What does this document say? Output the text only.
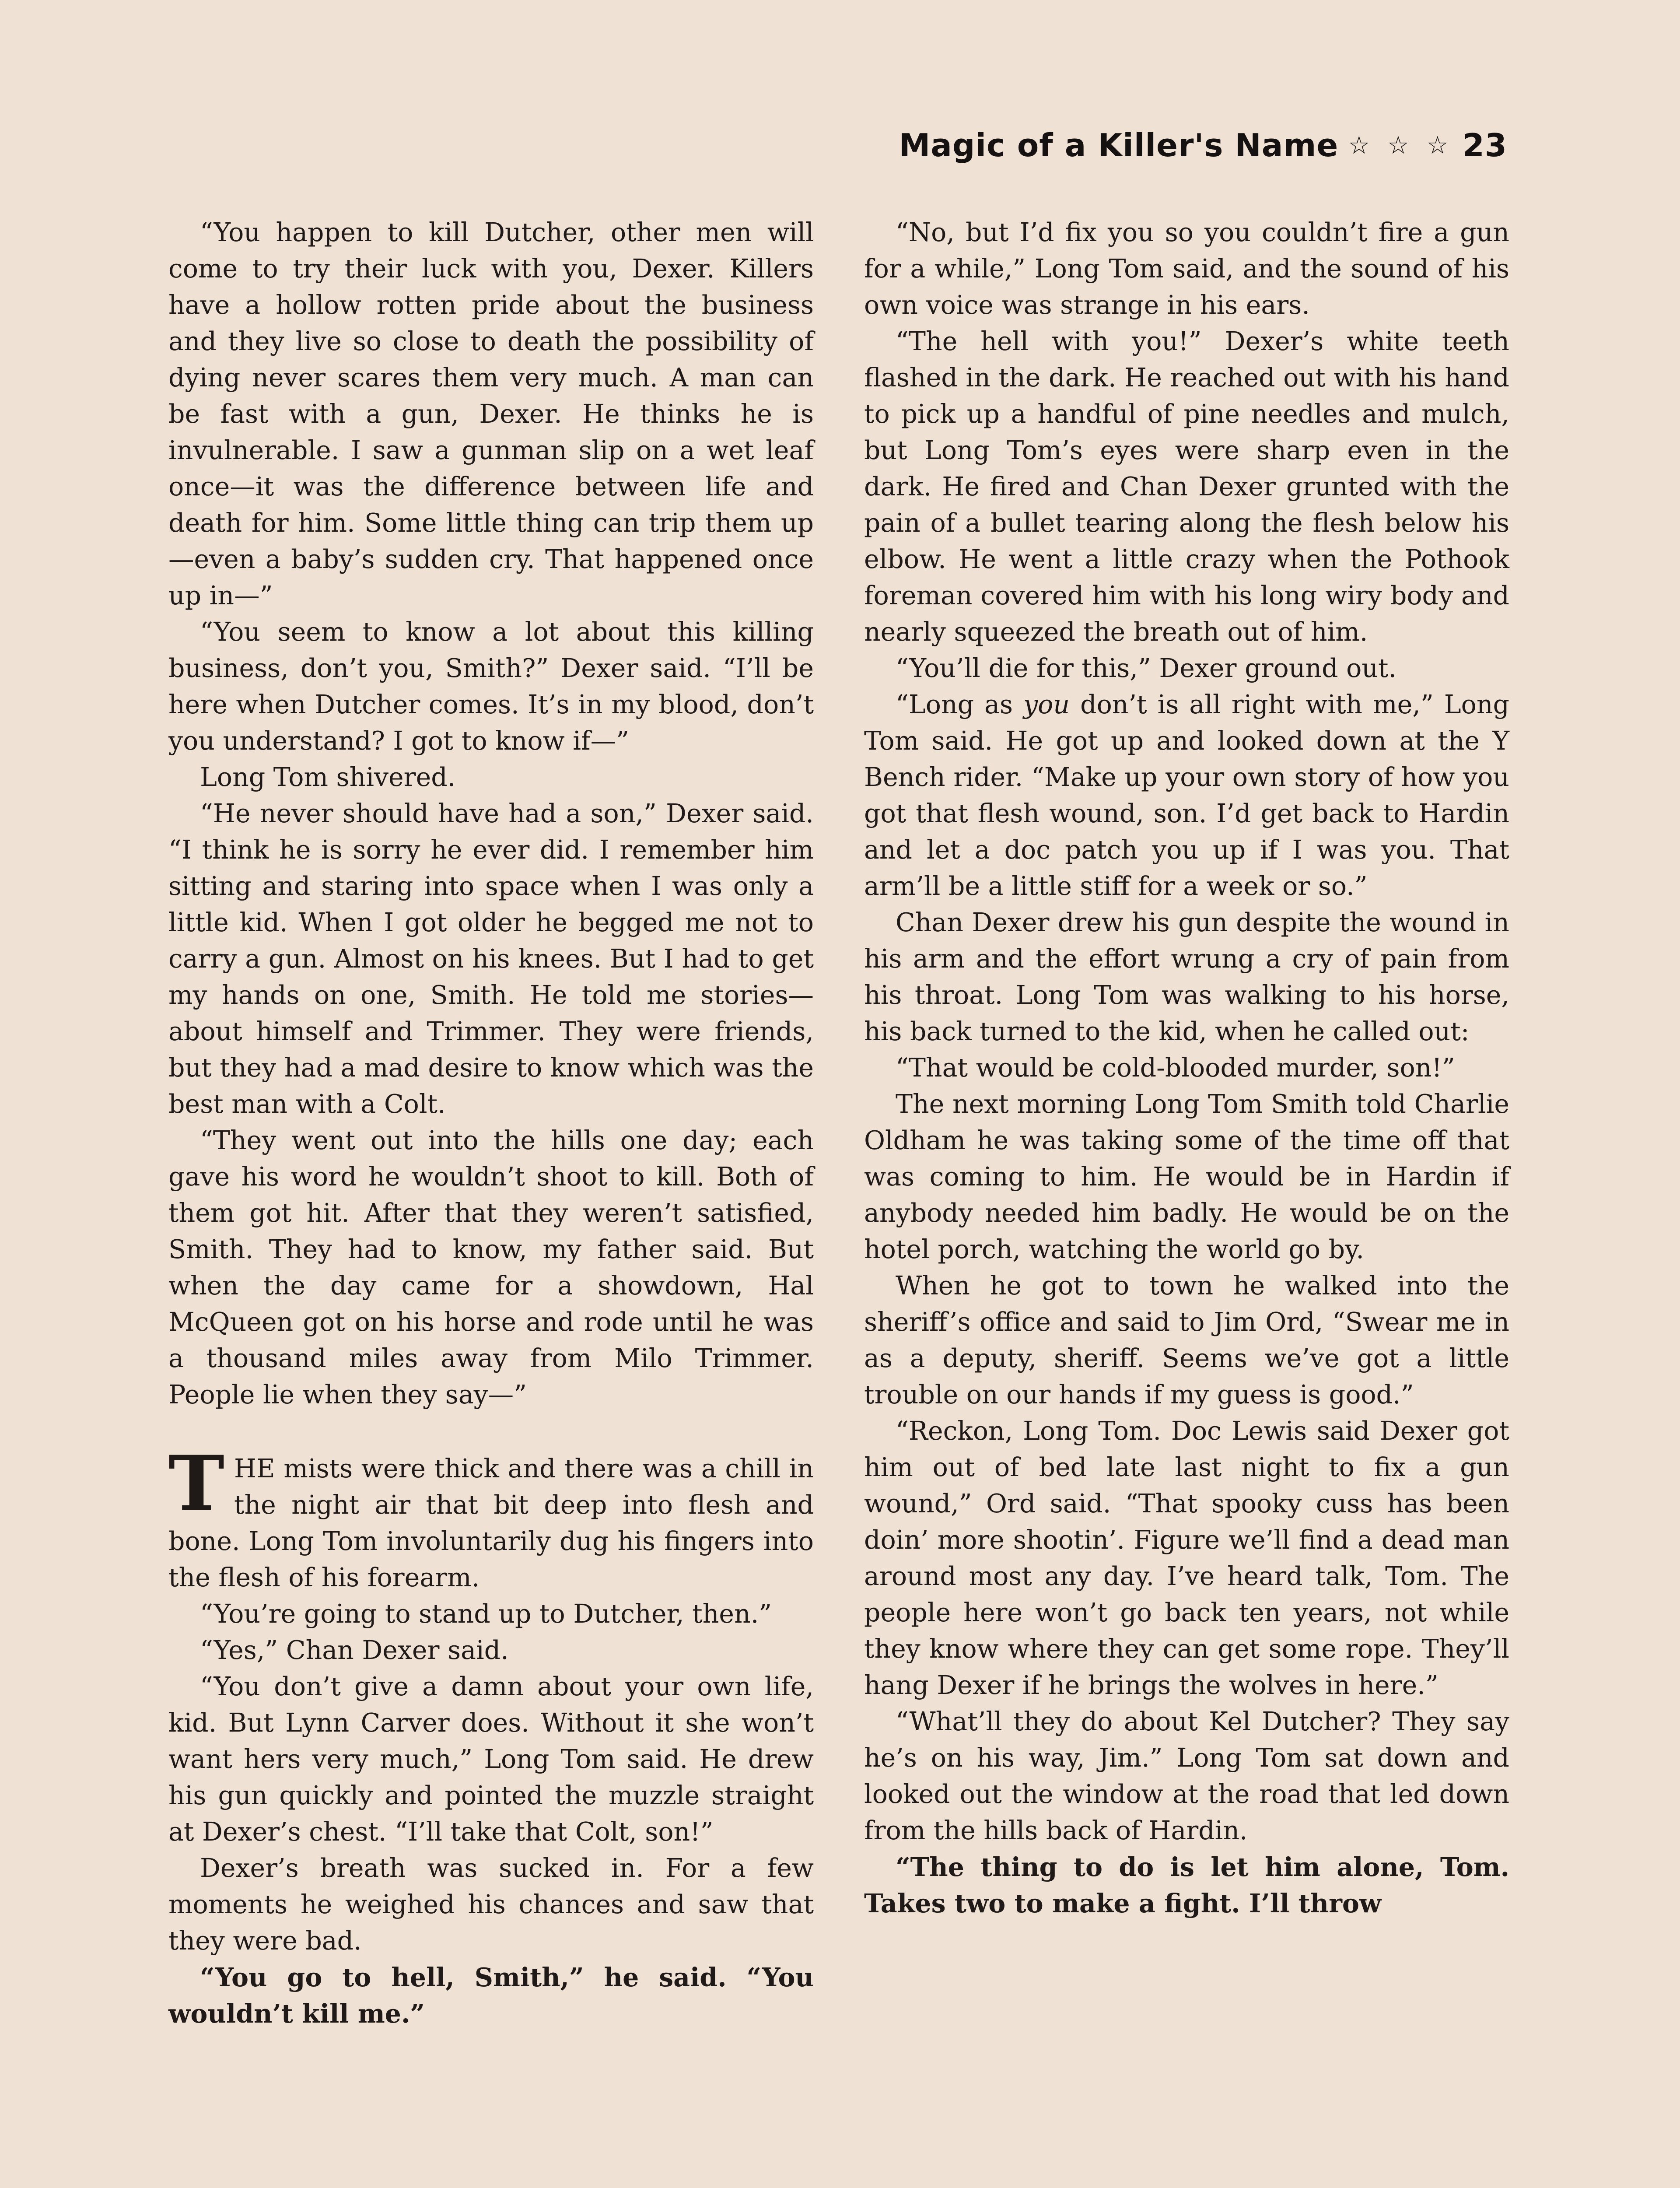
Magic of a Killer's Name ☆ ☆ ☆ 23

“You happen to kill Dutcher, other men will come to try their luck with you, Dexer. Killers have a hollow rotten pride about the business and they live so close to death the possibility of dying never scares them very much. A man can be fast with a gun, Dexer. He thinks he is invulnerable. I saw a gunman slip on a wet leaf once—it was the difference between life and death for him. Some little thing can trip them up—even a baby’s sudden cry. That happened once up in—”

“You seem to know a lot about this killing business, don’t you, Smith?” Dexer said. “I’ll be here when Dutcher comes. It’s in my blood, don’t you understand? I got to know if—”

Long Tom shivered.

“He never should have had a son,” Dexer said. “I think he is sorry he ever did. I remember him sitting and staring into space when I was only a little kid. When I got older he begged me not to carry a gun. Almost on his knees. But I had to get my hands on one, Smith. He told me stories—about himself and Trimmer. They were friends, but they had a mad desire to know which was the best man with a Colt.

“They went out into the hills one day; each gave his word he wouldn’t shoot to kill. Both of them got hit. After that they weren’t satisfied, Smith. They had to know, my father said. But when the day came for a showdown, Hal McQueen got on his horse and rode until he was a thousand miles away from Milo Trimmer. People lie when they say—”

THE mists were thick and there was a chill in the night air that bit deep into flesh and bone. Long Tom involuntarily dug his fingers into the flesh of his forearm.

“You’re going to stand up to Dutcher, then.”

“Yes,” Chan Dexer said.

“You don’t give a damn about your own life, kid. But Lynn Carver does. Without it she won’t want hers very much,” Long Tom said. He drew his gun quickly and pointed the muzzle straight at Dexer’s chest. “I’ll take that Colt, son!”

Dexer’s breath was sucked in. For a few moments he weighed his chances and saw that they were bad.

“You go to hell, Smith,” he said. “You wouldn’t kill me.”

“No, but I’d fix you so you couldn’t fire a gun for a while,” Long Tom said, and the sound of his own voice was strange in his ears.

“The hell with you!” Dexer’s white teeth flashed in the dark. He reached out with his hand to pick up a handful of pine needles and mulch, but Long Tom’s eyes were sharp even in the dark. He fired and Chan Dexer grunted with the pain of a bullet tearing along the flesh below his elbow. He went a little crazy when the Pothook foreman covered him with his long wiry body and nearly squeezed the breath out of him.

“You’ll die for this,” Dexer ground out.

“Long as you don’t is all right with me,” Long Tom said. He got up and looked down at the Y Bench rider. “Make up your own story of how you got that flesh wound, son. I’d get back to Hardin and let a doc patch you up if I was you. That arm’ll be a little stiff for a week or so.”

Chan Dexer drew his gun despite the wound in his arm and the effort wrung a cry of pain from his throat. Long Tom was walking to his horse, his back turned to the kid, when he called out:

“That would be cold-blooded murder, son!”

The next morning Long Tom Smith told Charlie Oldham he was taking some of the time off that was coming to him. He would be in Hardin if anybody needed him badly. He would be on the hotel porch, watching the world go by.

When he got to town he walked into the sheriff’s office and said to Jim Ord, “Swear me in as a deputy, sheriff. Seems we’ve got a little trouble on our hands if my guess is good.”

“Reckon, Long Tom. Doc Lewis said Dexer got him out of bed late last night to fix a gun wound,” Ord said. “That spooky cuss has been doin’ more shootin’. Figure we’ll find a dead man around most any day. I’ve heard talk, Tom. The people here won’t go back ten years, not while they know where they can get some rope. They’ll hang Dexer if he brings the wolves in here.”

“What’ll they do about Kel Dutcher? They say he’s on his way, Jim.” Long Tom sat down and looked out the window at the road that led down from the hills back of Hardin.

“The thing to do is let him alone, Tom. Takes two to make a fight. I’ll throw
